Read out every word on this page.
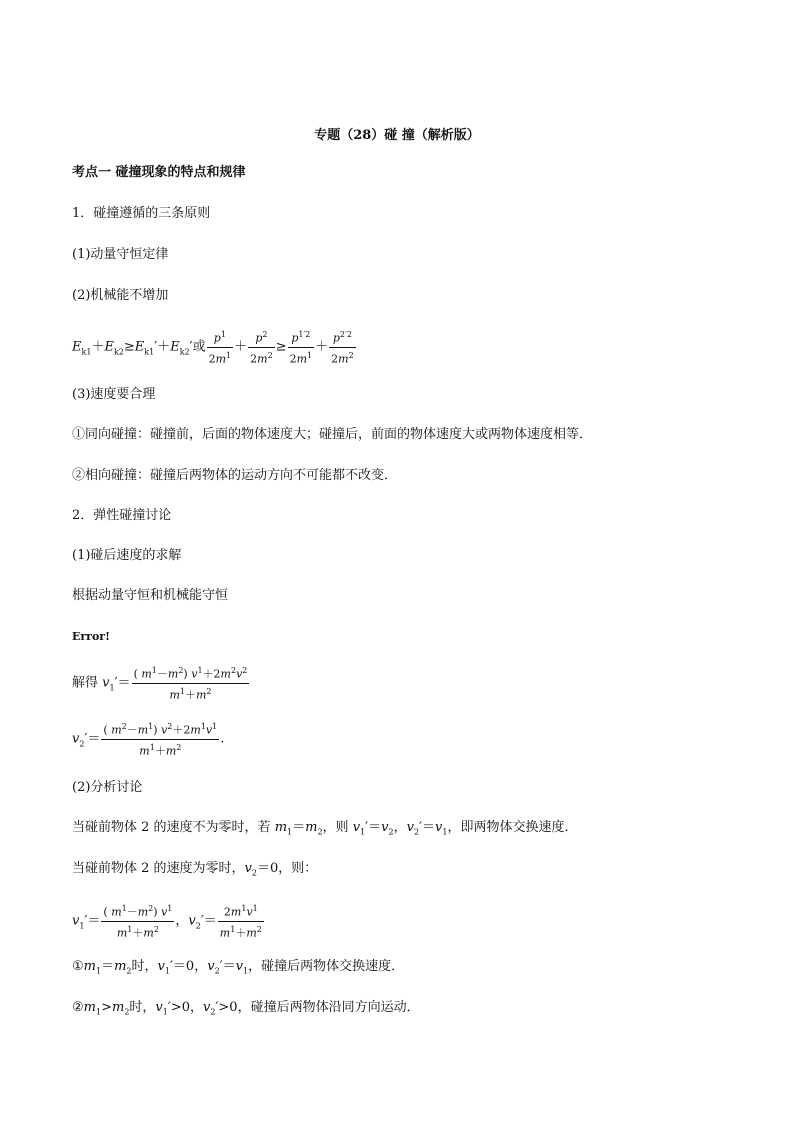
专题（28）碰 撞（解析版）
考点一 碰撞现象的特点和规律
1．碰撞遵循的三条原则
(1)动量守恒定律
(2)机械能不增加
$E_{k1}+E_{k2}\ge E_{k1}'+E_{k2}'$或 $\frac{p^1}{2m^1} + \frac{p^2}{2m^2} \ge \frac{p^{1'2}}{2m^1} + \frac{p^{2'2}}{2m^2}$
(3)速度要合理
①同向碰撞：碰撞前，后面的物体速度大；碰撞后，前面的物体速度大或两物体速度相等．
②相向碰撞：碰撞后两物体的运动方向不可能都不改变．
2．弹性碰撞讨论
(1)碰后速度的求解
根据动量守恒和机械能守恒
Error!
解得 $v_1'= \frac{( m^1-m^2) v^1+2m^2v^2}{m^1+m^2}$
$v_2'= \frac{( m^2-m^1) v^2+2m^1v^1}{m^1+m^2}$ .
(2)分析讨论
当碰前物体 2 的速度不为零时，若 $m_1=m_2$，则 $v_1'=v_2$，$v_2'=v_1$，即两物体交换速度．
当碰前物体 2 的速度为零时，$v_2=0$，则：
$v_1'= \frac{( m^1-m^2) v^1}{m^1+m^2}$ ，$v_2'= \frac{2m^1v^1}{m^1+m^2}$
$①m_1=m_2$时，$v_1'=0$，$v_2'=v_1$，碰撞后两物体交换速度．
$②m_1>m_2$时，$v_1'>0$，$v_2'>0$，碰撞后两物体沿同方向运动．
